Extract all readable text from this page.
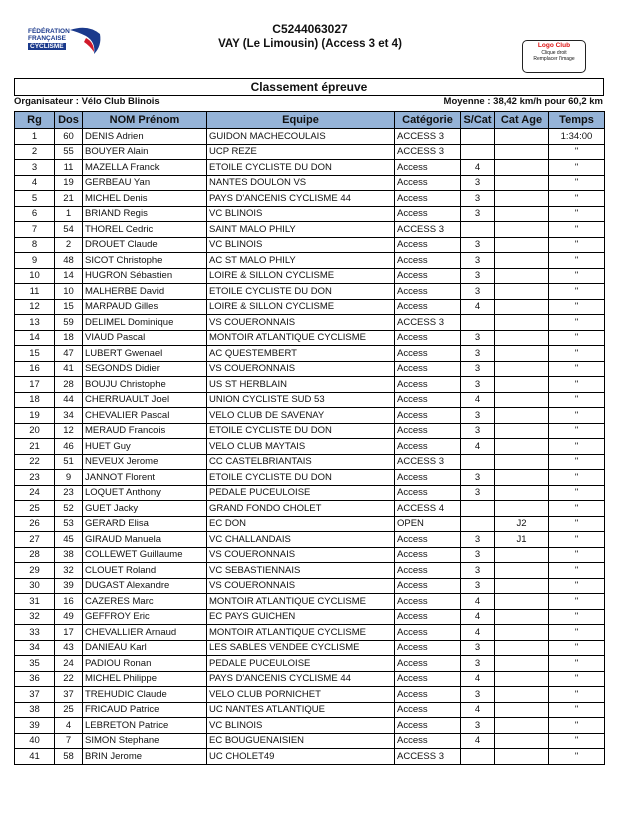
FÉDÉRATION
FRANÇAISE
CYCLISME
C5244063027
VAY (Le Limousin) (Access 3 et 4)	Logo Club
Clique droit
Remplacer l'image
Classement épreuve
Organisateur : Vélo Club Blinois	Moyenne : 38,42 km/h pour 60,2 km
Rg	Dos	NOM Prénom	Equipe	Catégorie	S/Cat	Cat Age	Temps
1	60	DENIS Adrien	GUIDON MACHECOULAIS	ACCESS 3			1:34:00
2	55	BOUYER Alain	UCP REZE	ACCESS 3			"
3	11	MAZELLA Franck	ETOILE CYCLISTE DU DON	Access	4		"
4	19	GERBEAU Yan	NANTES DOULON VS	Access	3		"
5	21	MICHEL Denis	PAYS D'ANCENIS CYCLISME 44	Access	3		"
6	1	BRIAND Regis	VC BLINOIS	Access	3		"
7	54	THOREL Cedric	SAINT MALO PHILY	ACCESS 3			"
8	2	DROUET Claude	VC BLINOIS	Access	3		"
9	48	SICOT Christophe	AC ST MALO PHILY	Access	3		"
10	14	HUGRON Sébastien	LOIRE & SILLON CYCLISME	Access	3		"
11	10	MALHERBE David	ETOILE CYCLISTE DU DON	Access	3		"
12	15	MARPAUD Gilles	LOIRE & SILLON CYCLISME	Access	4		"
13	59	DELIMEL Dominique	VS COUERONNAIS	ACCESS 3			"
14	18	VIAUD Pascal	MONTOIR ATLANTIQUE CYCLISME	Access	3		"
15	47	LUBERT Gwenael	AC QUESTEMBERT	Access	3		"
16	41	SEGONDS Didier	VS COUERONNAIS	Access	3		"
17	28	BOUJU Christophe	US ST HERBLAIN	Access	3		"
18	44	CHERRUAULT Joel	UNION CYCLISTE SUD 53	Access	4		"
19	34	CHEVALIER Pascal	VELO CLUB DE SAVENAY	Access	3		"
20	12	MERAUD Francois	ETOILE CYCLISTE DU DON	Access	3		"
21	46	HUET Guy	VELO CLUB MAYTAIS	Access	4		"
22	51	NEVEUX Jerome	CC CASTELBRIANTAIS	ACCESS 3			"
23	9	JANNOT Florent	ETOILE CYCLISTE DU DON	Access	3		"
24	23	LOQUET Anthony	PEDALE PUCEULOISE	Access	3		"
25	52	GUET Jacky	GRAND FONDO CHOLET	ACCESS 4			"
26	53	GERARD Elisa	EC DON	OPEN		J2	"
27	45	GIRAUD Manuela	VC CHALLANDAIS	Access	3	J1	"
28	38	COLLEWET Guillaume	VS COUERONNAIS	Access	3		"
29	32	CLOUET Roland	VC SEBASTIENNAIS	Access	3		"
30	39	DUGAST Alexandre	VS COUERONNAIS	Access	3		"
31	16	CAZERES Marc	MONTOIR ATLANTIQUE CYCLISME	Access	4		"
32	49	GEFFROY Eric	EC PAYS GUICHEN	Access	4		"
33	17	CHEVALLIER Arnaud	MONTOIR ATLANTIQUE CYCLISME	Access	4		"
34	43	DANIEAU Karl	LES SABLES VENDEE CYCLISME	Access	3		"
35	24	PADIOU Ronan	PEDALE PUCEULOISE	Access	3		"
36	22	MICHEL Philippe	PAYS D'ANCENIS CYCLISME 44	Access	4		"
37	37	TREHUDIC Claude	VELO CLUB PORNICHET	Access	3		"
38	25	FRICAUD Patrice	UC NANTES ATLANTIQUE	Access	4		"
39	4	LEBRETON Patrice	VC BLINOIS	Access	3		"
40	7	SIMON Stephane	EC BOUGUENAISIEN	Access	4		"
41	58	BRIN Jerome	UC CHOLET49	ACCESS 3			"
